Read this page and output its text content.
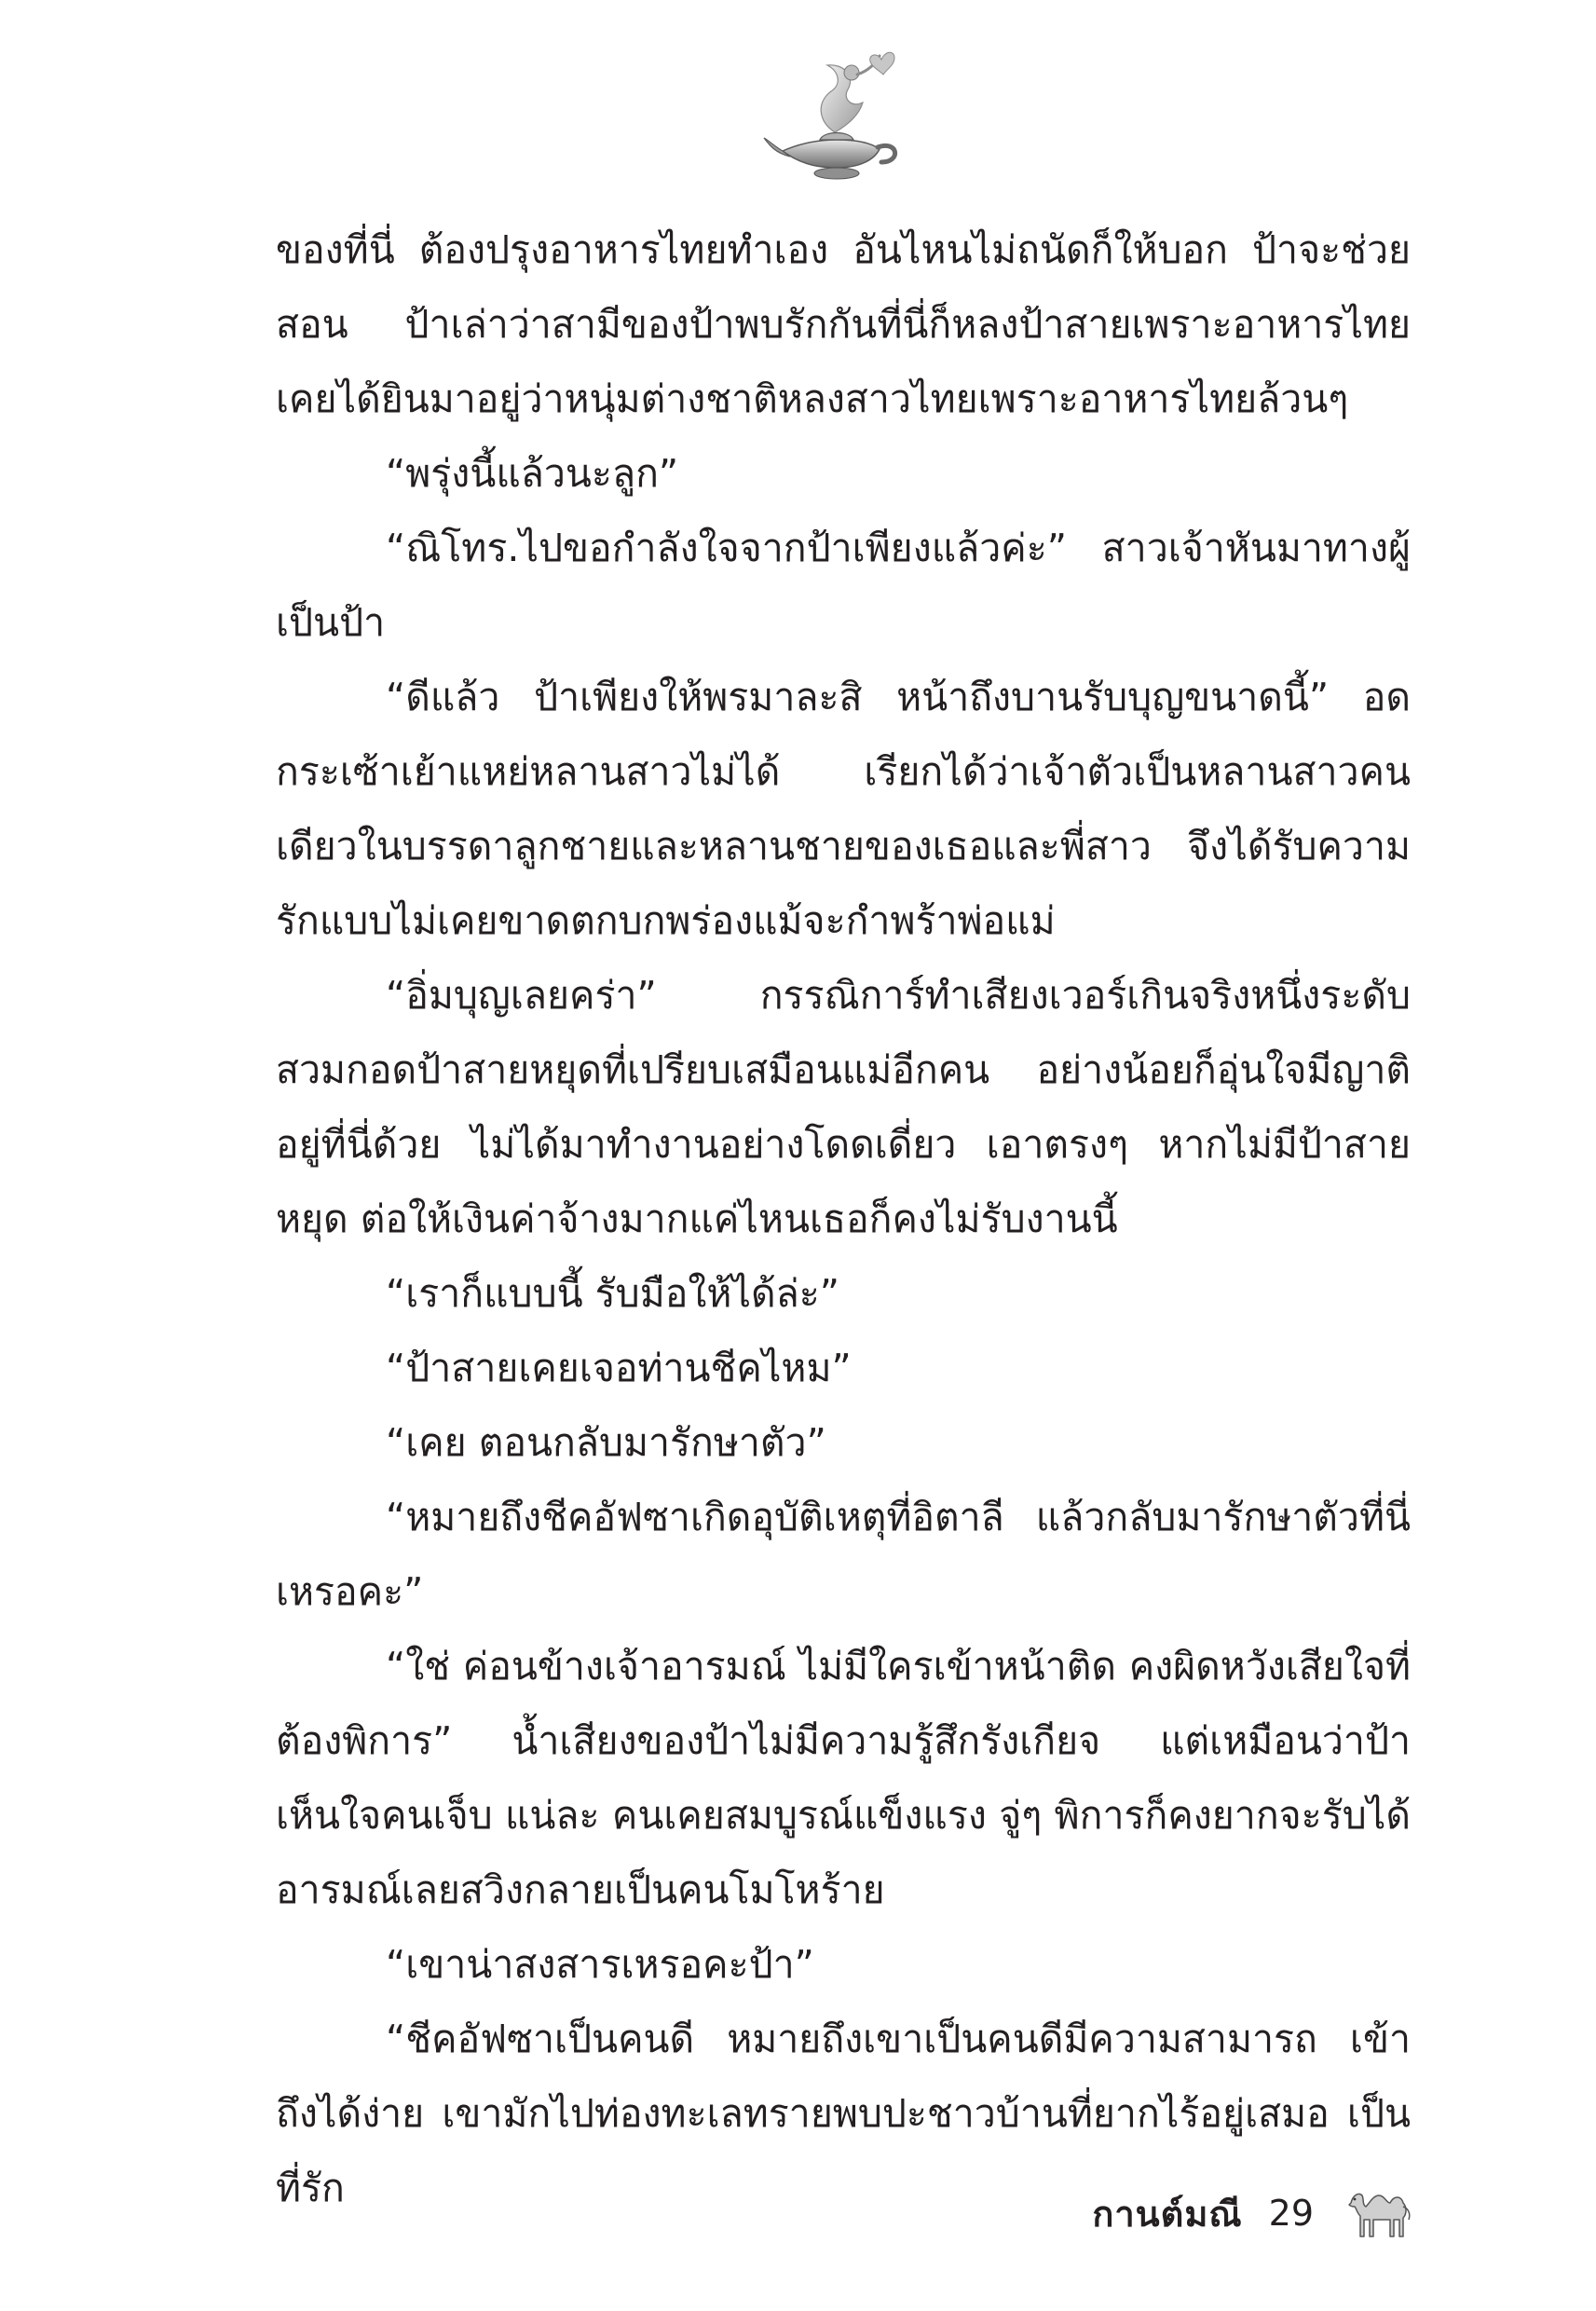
ของที่นี่ ต้องปรุงอาหารไทยทำเอง อันไหนไม่ถนัดก็ให้บอก ป้าจะช่วยสอน ป้าเล่าว่าสามีของป้าพบรักกันที่นี่ก็หลงป้าสายเพราะอาหารไทย เคยได้ยินมาอยู่ว่าหนุ่มต่างชาติหลงสาวไทยเพราะอาหารไทยล้วนๆ

“พรุ่งนี้แล้วนะลูก”

“ณิโทร.ไปขอกำลังใจจากป้าเพียงแล้วค่ะ” สาวเจ้าหันมาทางผู้เป็นป้า

“ดีแล้ว ป้าเพียงให้พรมาละสิ หน้าถึงบานรับบุญขนาดนี้” อดกระเซ้าเย้าแหย่หลานสาวไม่ได้ เรียกได้ว่าเจ้าตัวเป็นหลานสาวคนเดียวในบรรดาลูกชายและหลานชายของเธอและพี่สาว จึงได้รับความรักแบบไม่เคยขาดตกบกพร่องแม้จะกำพร้าพ่อแม่

“อิ่มบุญเลยคร่า” กรรณิการ์ทำเสียงเวอร์เกินจริงหนึ่งระดับ สวมกอดป้าสายหยุดที่เปรียบเสมือนแม่อีกคน อย่างน้อยก็อุ่นใจมีญาติอยู่ที่นี่ด้วย ไม่ได้มาทำงานอย่างโดดเดี่ยว เอาตรงๆ หากไม่มีป้าสายหยุด ต่อให้เงินค่าจ้างมากแค่ไหนเธอก็คงไม่รับงานนี้

“เราก็แบบนี้ รับมือให้ได้ล่ะ”

“ป้าสายเคยเจอท่านชีคไหม”

“เคย ตอนกลับมารักษาตัว”

“หมายถึงชีคอัฟซาเกิดอุบัติเหตุที่อิตาลี แล้วกลับมารักษาตัวที่นี่เหรอคะ”

“ใช่ ค่อนข้างเจ้าอารมณ์ ไม่มีใครเข้าหน้าติด คงผิดหวังเสียใจที่ต้องพิการ” น้ำเสียงของป้าไม่มีความรู้สึกรังเกียจ แต่เหมือนว่าป้าเห็นใจคนเจ็บ แน่ละ คนเคยสมบูรณ์แข็งแรง จู่ๆ พิการก็คงยากจะรับได้ อารมณ์เลยสวิงกลายเป็นคนโมโหร้าย

“เขาน่าสงสารเหรอคะป้า”

“ชีคอัฟซาเป็นคนดี หมายถึงเขาเป็นคนดีมีความสามารถ เข้าถึงได้ง่าย เขามักไปท่องทะเลทรายพบปะชาวบ้านที่ยากไร้อยู่เสมอ เป็นที่รัก

กานต์มณี 29
